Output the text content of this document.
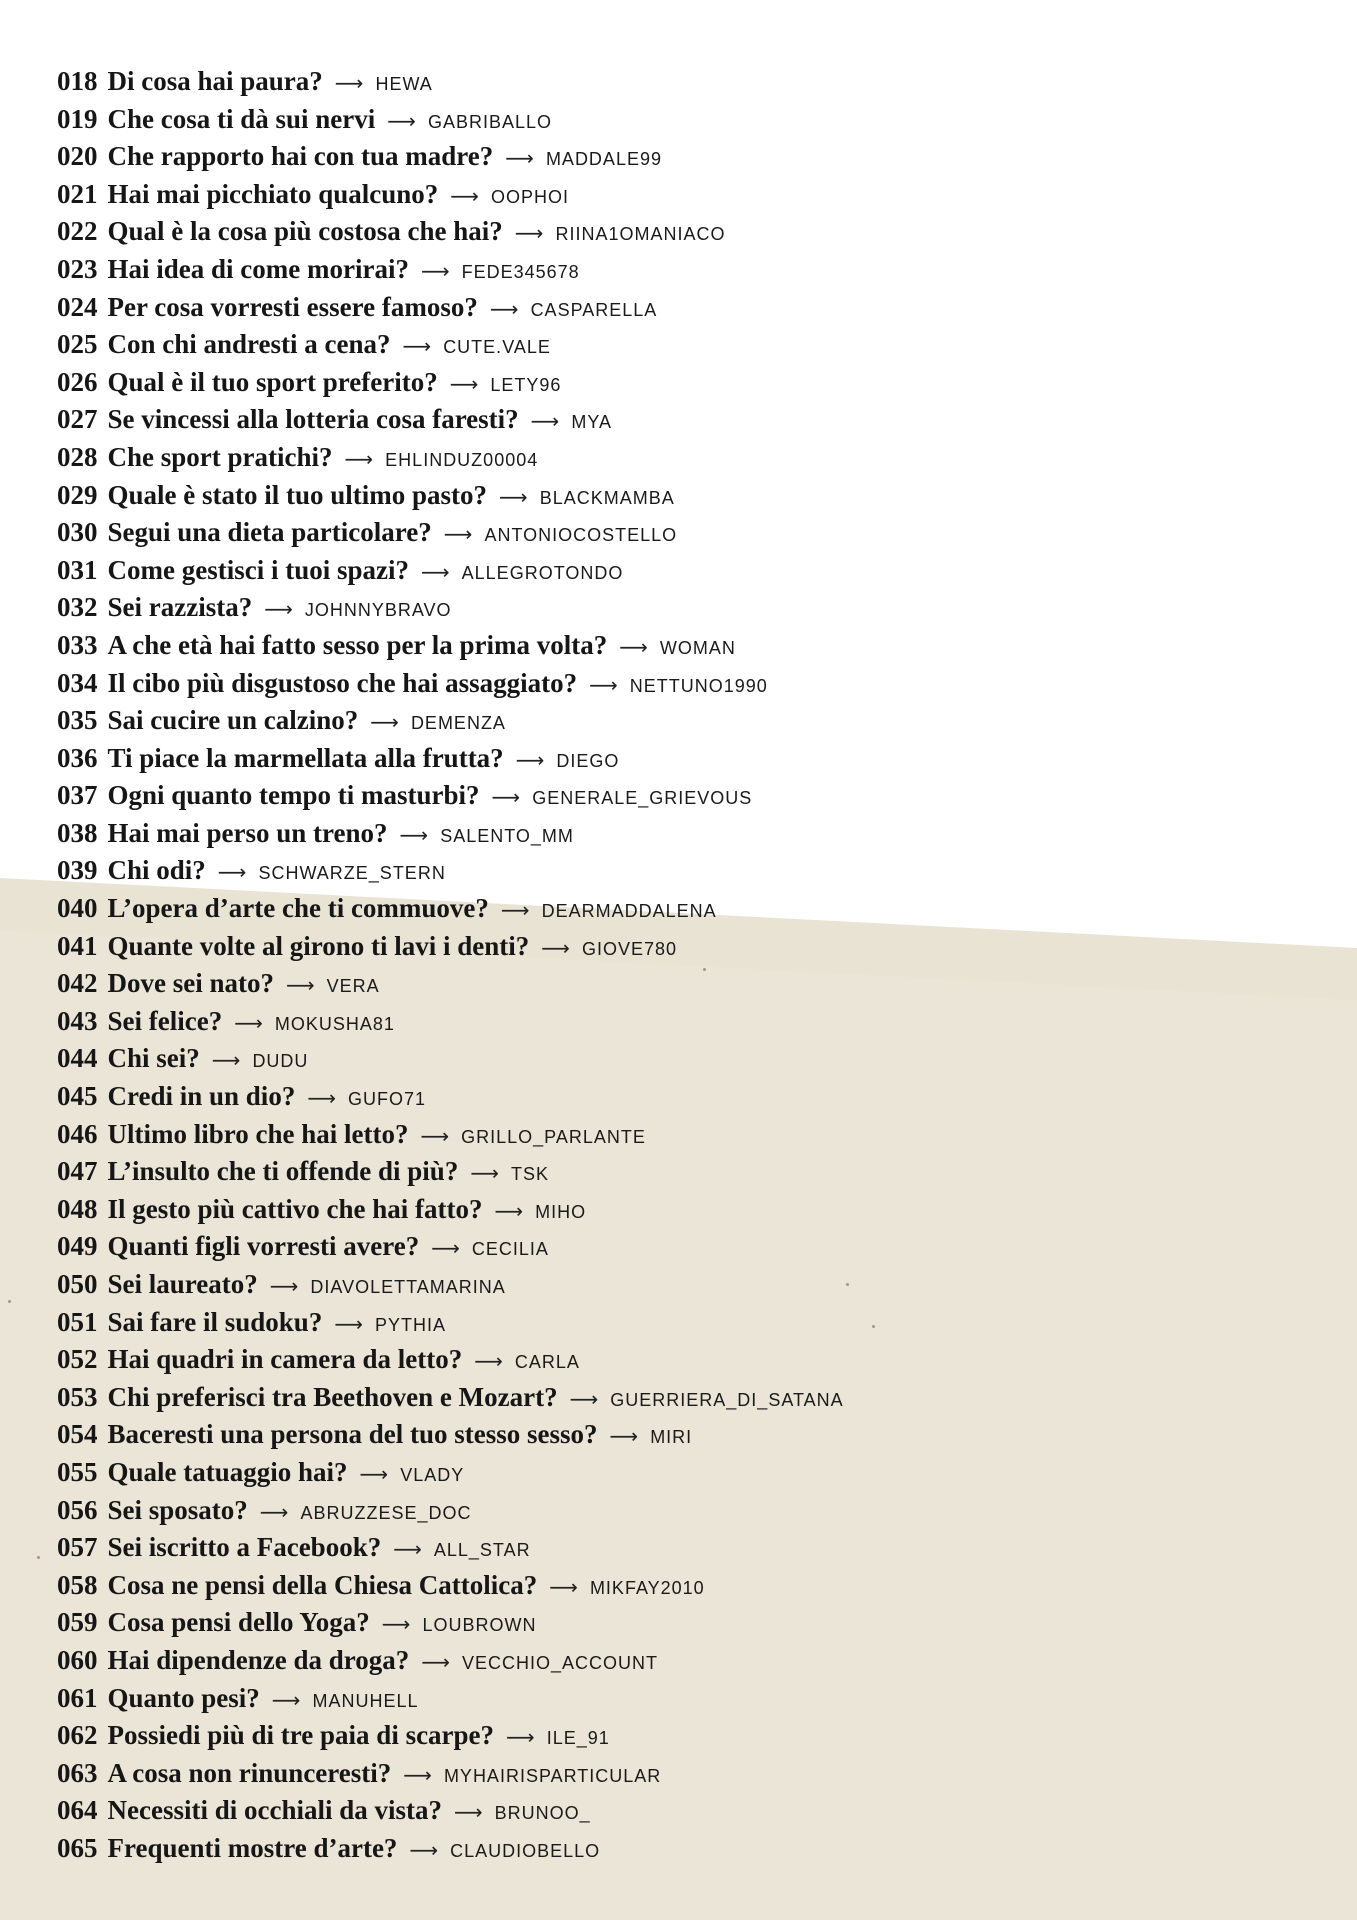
018 Di cosa hai paura? ⟶ HEWA
019 Che cosa ti dà sui nervi ⟶ GABRIBALLO
020 Che rapporto hai con tua madre? ⟶ MADDALE99
021 Hai mai picchiato qualcuno? ⟶ OOPHOI
022 Qual è la cosa più costosa che hai? ⟶ RIINA1OMANIACO
023 Hai idea di come morirai? ⟶ FEDE345678
024 Per cosa vorresti essere famoso? ⟶ CASPARELLA
025 Con chi andresti a cena? ⟶ CUTE.VALE
026 Qual è il tuo sport preferito? ⟶ LETY96
027 Se vincessi alla lotteria cosa faresti? ⟶ MYA
028 Che sport pratichi? ⟶ EHLINDUZ00004
029 Quale è stato il tuo ultimo pasto? ⟶ BLACKMAMBA
030 Segui una dieta particolare? ⟶ ANTONIOCOSTELLO
031 Come gestisci i tuoi spazi? ⟶ ALLEGROTONDO
032 Sei razzista? ⟶ JOHNNYBRAVO
033 A che età hai fatto sesso per la prima volta? ⟶ WOMAN
034 Il cibo più disgustoso che hai assaggiato? ⟶ NETTUNO1990
035 Sai cucire un calzino? ⟶ DEMENZA
036 Ti piace la marmellata alla frutta? ⟶ DIEGO
037 Ogni quanto tempo ti masturbi? ⟶ GENERALE_GRIEVOUS
038 Hai mai perso un treno? ⟶ SALENTO_MM
039 Chi odi? ⟶ SCHWARZE_STERN
040 L’opera d’arte che ti commuove? ⟶ DEARMADDALENA
041 Quante volte al girono ti lavi i denti? ⟶ GIOVE780
042 Dove sei nato? ⟶ VERA
043 Sei felice? ⟶ MOKUSHA81
044 Chi sei? ⟶ DUDU
045 Credi in un dio? ⟶ GUFO71
046 Ultimo libro che hai letto? ⟶ GRILLO_PARLANTE
047 L’insulto che ti offende di più? ⟶ TSK
048 Il gesto più cattivo che hai fatto? ⟶ MIHO
049 Quanti figli vorresti avere? ⟶ CECILIA
050 Sei laureato? ⟶ DIAVOLETTAMARINA
051 Sai fare il sudoku? ⟶ PYTHIA
052 Hai quadri in camera da letto? ⟶ CARLA
053 Chi preferisci tra Beethoven e Mozart? ⟶ GUERRIERA_DI_SATANA
054 Baceresti una persona del tuo stesso sesso? ⟶ MIRI
055 Quale tatuaggio hai? ⟶ VLADY
056 Sei sposato? ⟶ ABRUZZESE_DOC
057 Sei iscritto a Facebook? ⟶ ALL_STAR
058 Cosa ne pensi della Chiesa Cattolica? ⟶ MIKFAY2010
059 Cosa pensi dello Yoga? ⟶ LOUBROWN
060 Hai dipendenze da droga? ⟶ VECCHIO_ACCOUNT
061 Quanto pesi? ⟶ MANUHELL
062 Possiedi più di tre paia di scarpe? ⟶ ILE_91
063 A cosa non rinunceresti? ⟶ MYHAIRISPARTICULAR
064 Necessiti di occhiali da vista? ⟶ BRUNOO_
065 Frequenti mostre d’arte? ⟶ CLAUDIOBELLO
